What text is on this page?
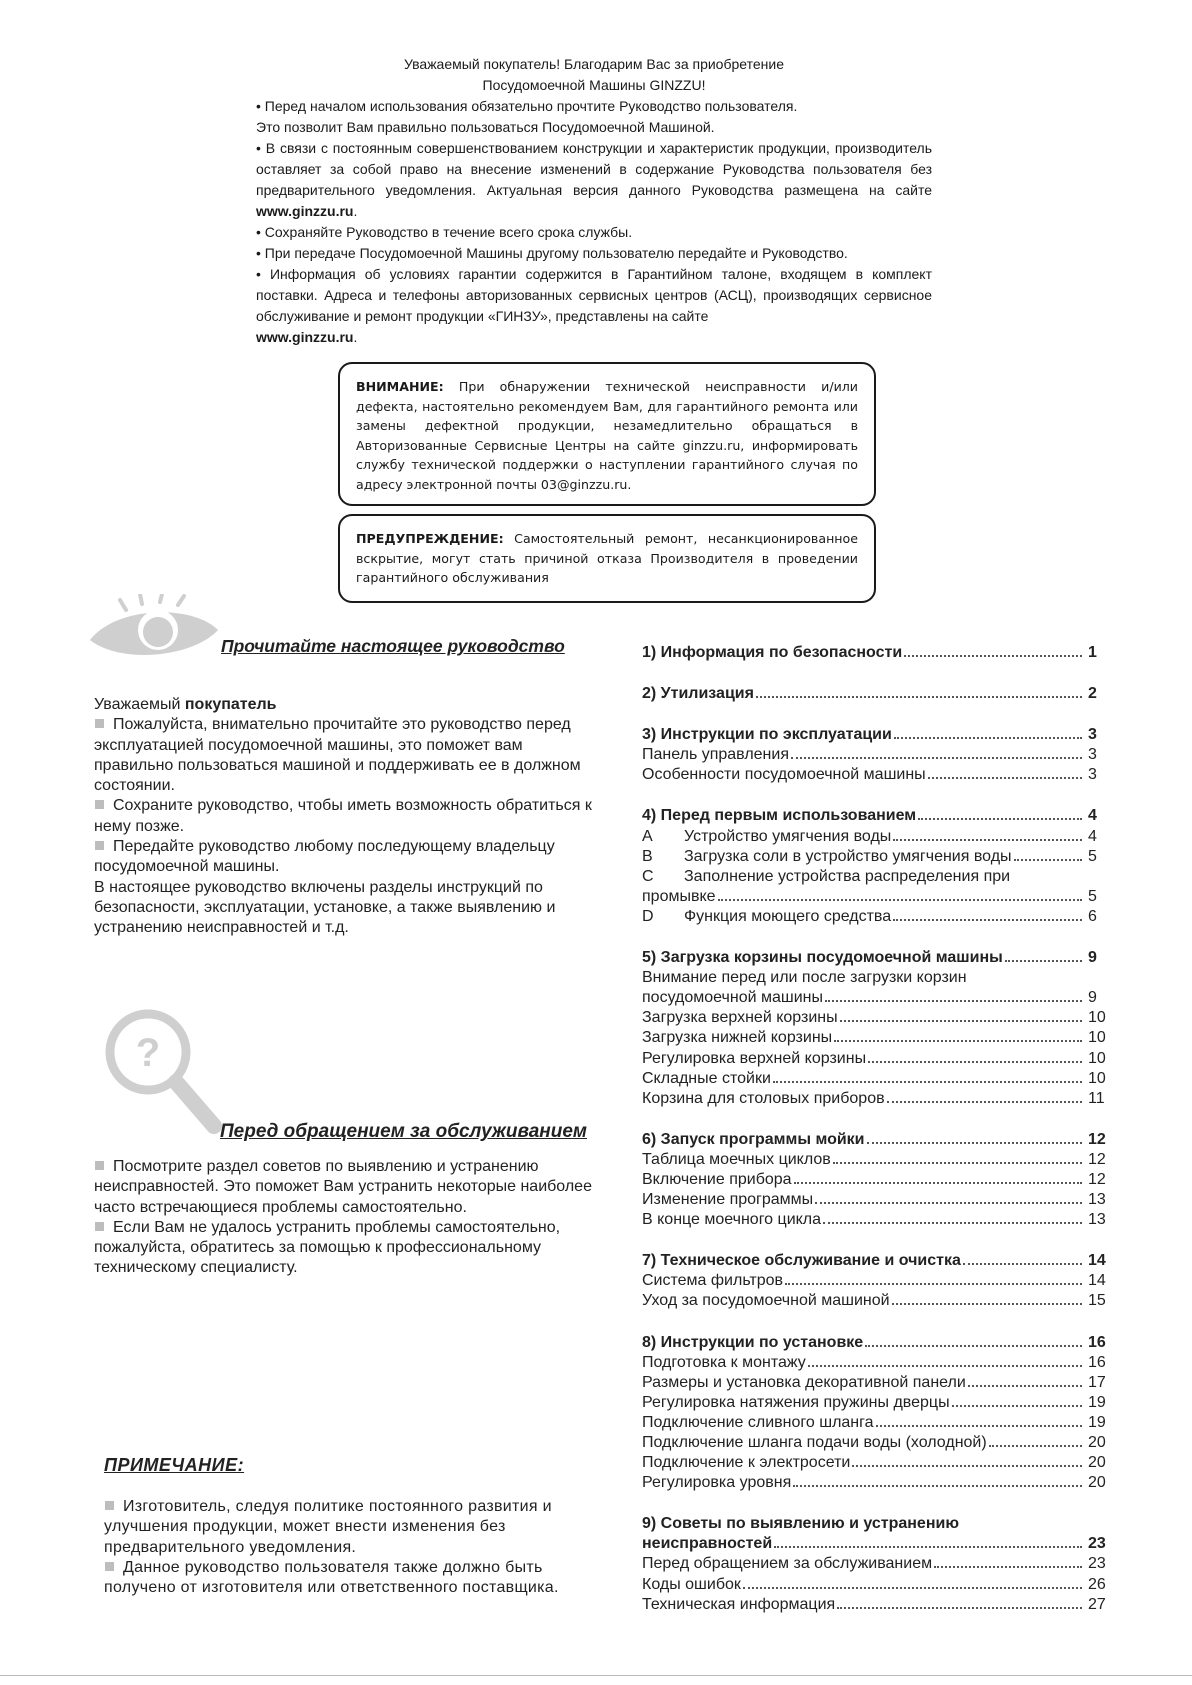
Уважаемый покупатель! Благодарим Вас за приобретение
Посудомоечной Машины GINZZU!

• Перед началом использования обязательно прочтите Руководство пользователя.

Это позволит Вам правильно пользоваться Посудомоечной Машиной.

• В связи с постоянным совершенствованием конструкции и характеристик продукции, производитель оставляет за собой право на внесение изменений в содержание Руководства пользователя без предварительного уведомления. Актуальная версия данного Руководства размещена на сайте www.ginzzu.ru.

• Сохраняйте Руководство в течение всего срока службы.

• При передаче Посудомоечной Машины другому пользователю передайте и Руководство.

• Информация об условиях гарантии содержится в Гарантийном талоне, входящем в комплект поставки. Адреса и телефоны авторизованных сервисных центров (АСЦ), производящих сервисное обслуживание и ремонт продукции «ГИНЗУ», представлены на сайте
www.ginzzu.ru.

ВНИМАНИЕ: При обнаружении технической неисправности и/или дефекта, настоятельно рекомендуем Вам, для гарантийного ремонта или замены дефектной продукции, незамедлительно обращаться в Авторизованные Сервисные Центры на сайте ginzzu.ru, информировать службу технической поддержки о наступлении гарантийного случая по адресу электронной почты 03@ginzzu.ru.
ПРЕДУПРЕЖДЕНИЕ: Самостоятельный ремонт, несанкционированное вскрытие, могут стать причиной отказа Производителя в проведении гарантийного обслуживания
Прочитайте настоящее руководство

Уважаемый покупатель

Пожалуйста, внимательно прочитайте это руководство перед эксплуатацией посудомоечной машины, это поможет вам правильно пользоваться машиной и поддерживать ее в должном состоянии.

Сохраните руководство, чтобы иметь возможность обратиться к нему позже.

Передайте руководство любому последующему владельцу посудомоечной машины.

В настоящее руководство включены разделы инструкций по безопасности, эксплуатации, установке, а также выявлению и устранению неисправностей и т.д.

?
Перед обращением за обслуживанием

Посмотрите раздел советов по выявлению и устранению неисправностей. Это поможет Вам устранить некоторые наиболее часто встречающиеся проблемы самостоятельно.

Если Вам не удалось устранить проблемы самостоятельно, пожалуйста, обратитесь за помощью к профессиональному техническому специалисту.

ПРИМЕЧАНИЕ:

Изготовитель, следуя политике постоянного развития и улучшения продукции, может внести изменения без предварительного уведомления.

Данное руководство пользователя также должно быть получено от изготовителя или ответственного поставщика.

1) Информация по безопасности	1
2) Утилизация	2
3) Инструкции по эксплуатации	3
Панель управления	3
Особенности посудомоечной машины	3
4) Перед первым использованием	4
A	Устройство умягчения воды	4
B	Загрузка соли в устройство умягчения воды	5
C	Заполнение устройства распределения при
промывке	5
D	Функция моющего средства	6
5) Загрузка корзины посудомоечной машины	9
Внимание перед или после загрузки корзин
посудомоечной машины	9
Загрузка верхней корзины	10
Загрузка нижней корзины	10
Регулировка верхней корзины	10
Складные стойки	10
Корзина для столовых приборов	11
6) Запуск программы мойки	12
Таблица моечных циклов	12
Включение прибора	12
Изменение программы	13
В конце моечного цикла	13
7) Техническое обслуживание и очистка	14
Система фильтров	14
Уход за посудомоечной машиной	15
8) Инструкции по установке	16
Подготовка к монтажу	16
Размеры и установка декоративной панели	17
Регулировка натяжения пружины дверцы	19
Подключение сливного шланга	19
Подключение шланга подачи воды (холодной)	20
Подключение к электросети	20
Регулировка уровня	20
9) Советы по выявлению и устранению
неисправностей	23
Перед обращением за обслуживанием	23
Коды ошибок	26
Техническая информация	27
